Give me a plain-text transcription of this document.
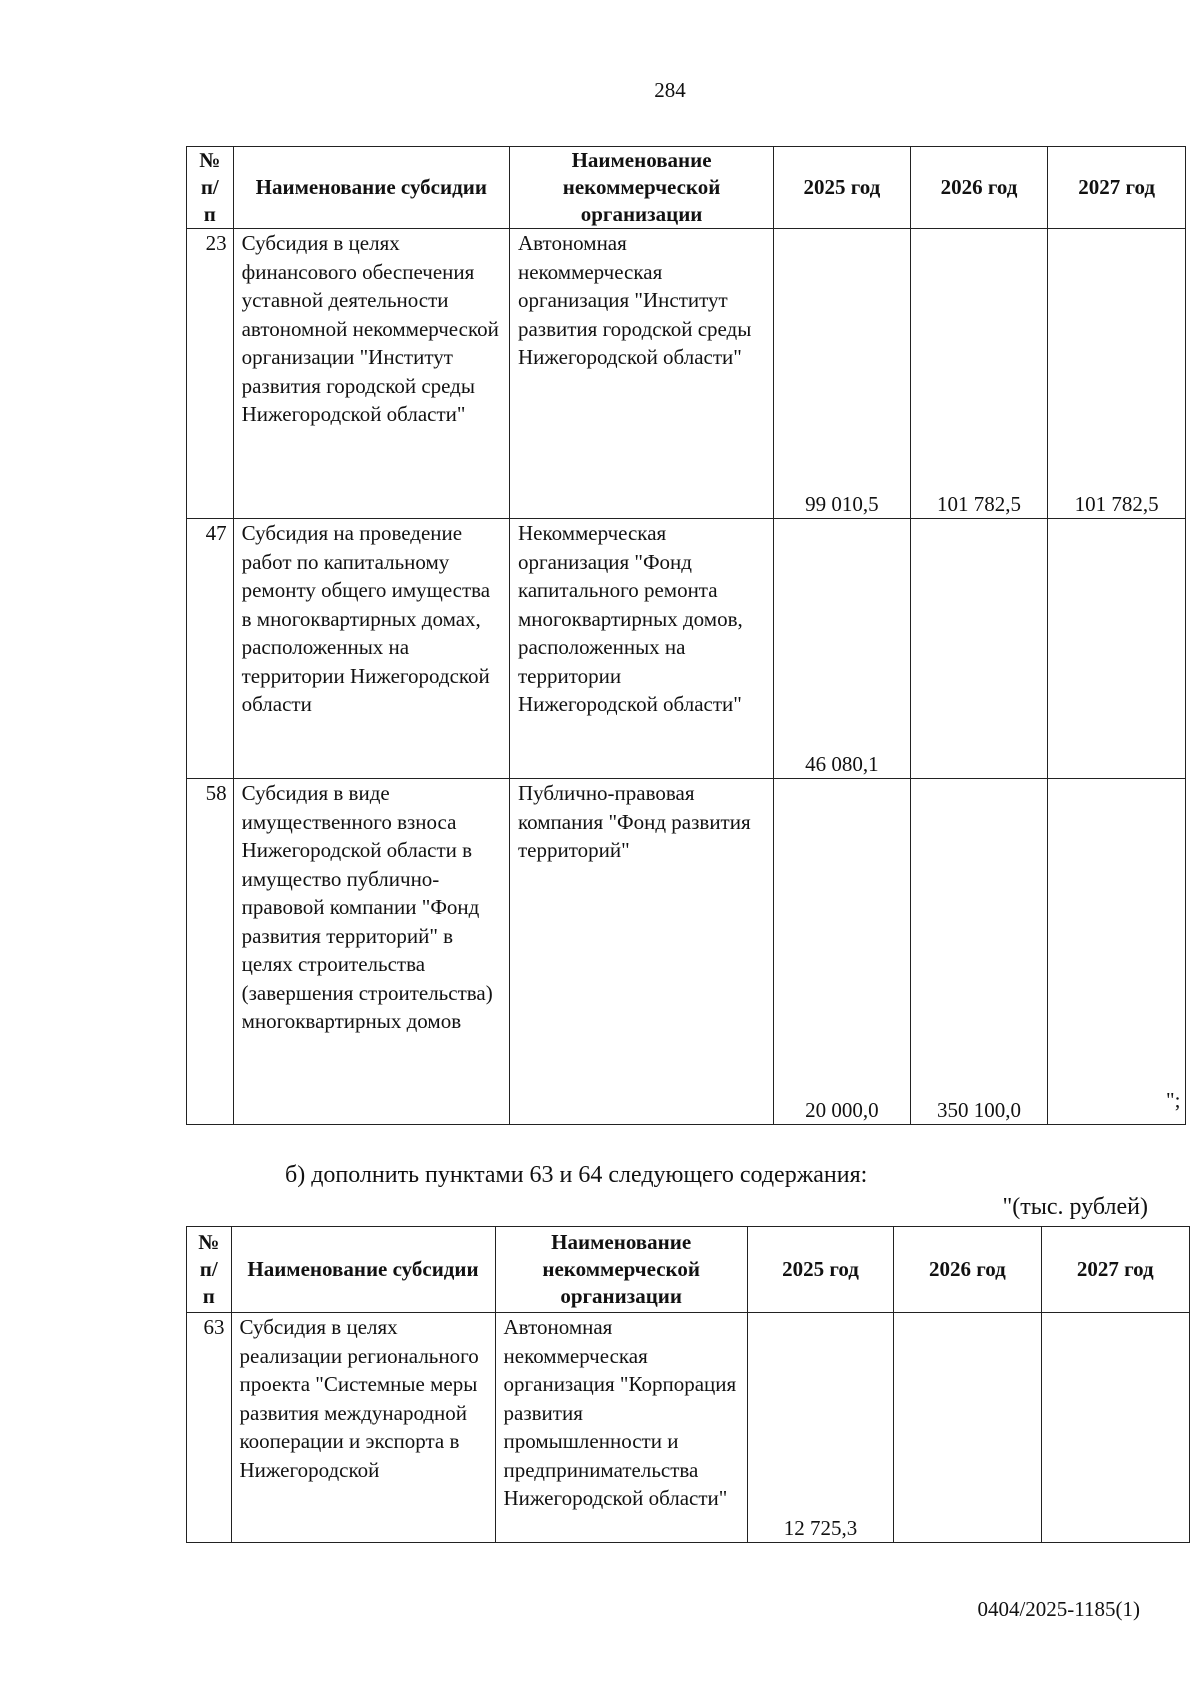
284
№ п/п	Наименование субсидии	Наименование некоммерческой организации	2025 год	2026 год	2027 год
23	Субсидия в целях финансового обеспечения уставной деятельности автономной некоммерческой организации "Институт развития городской среды Нижегородской области"	Автономная некоммерческая организация "Институт развития городской среды Нижегородской области"	99 010,5	101 782,5	101 782,5
47	Субсидия на проведение работ по капитальному ремонту общего имущества в многоквартирных домах, расположенных на территории Нижегородской области	Некоммерческая организация "Фонд капитального ремонта многоквартирных домов, расположенных на территории Нижегородской области"	46 080,1		
58	Субсидия в виде имущественного взноса Нижегородской области в имущество публично-правовой компании "Фонд развития территорий" в целях строительства (завершения строительства) многоквартирных домов	Публично-правовая компания "Фонд развития территорий"	20 000,0	350 100,0		";
б) дополнить пунктами 63 и 64 следующего содержания:
"(тыс. рублей)
№ п/п	Наименование субсидии	Наименование некоммерческой организации	2025 год	2026 год	2027 год
63	Субсидия в целях реализации регионального проекта "Системные меры развития международной кооперации и экспорта в Нижегородской	Автономная некоммерческая организация "Корпорация развития промышленности и предпринимательства Нижегородской области"	12 725,3		
0404/2025-1185(1)
